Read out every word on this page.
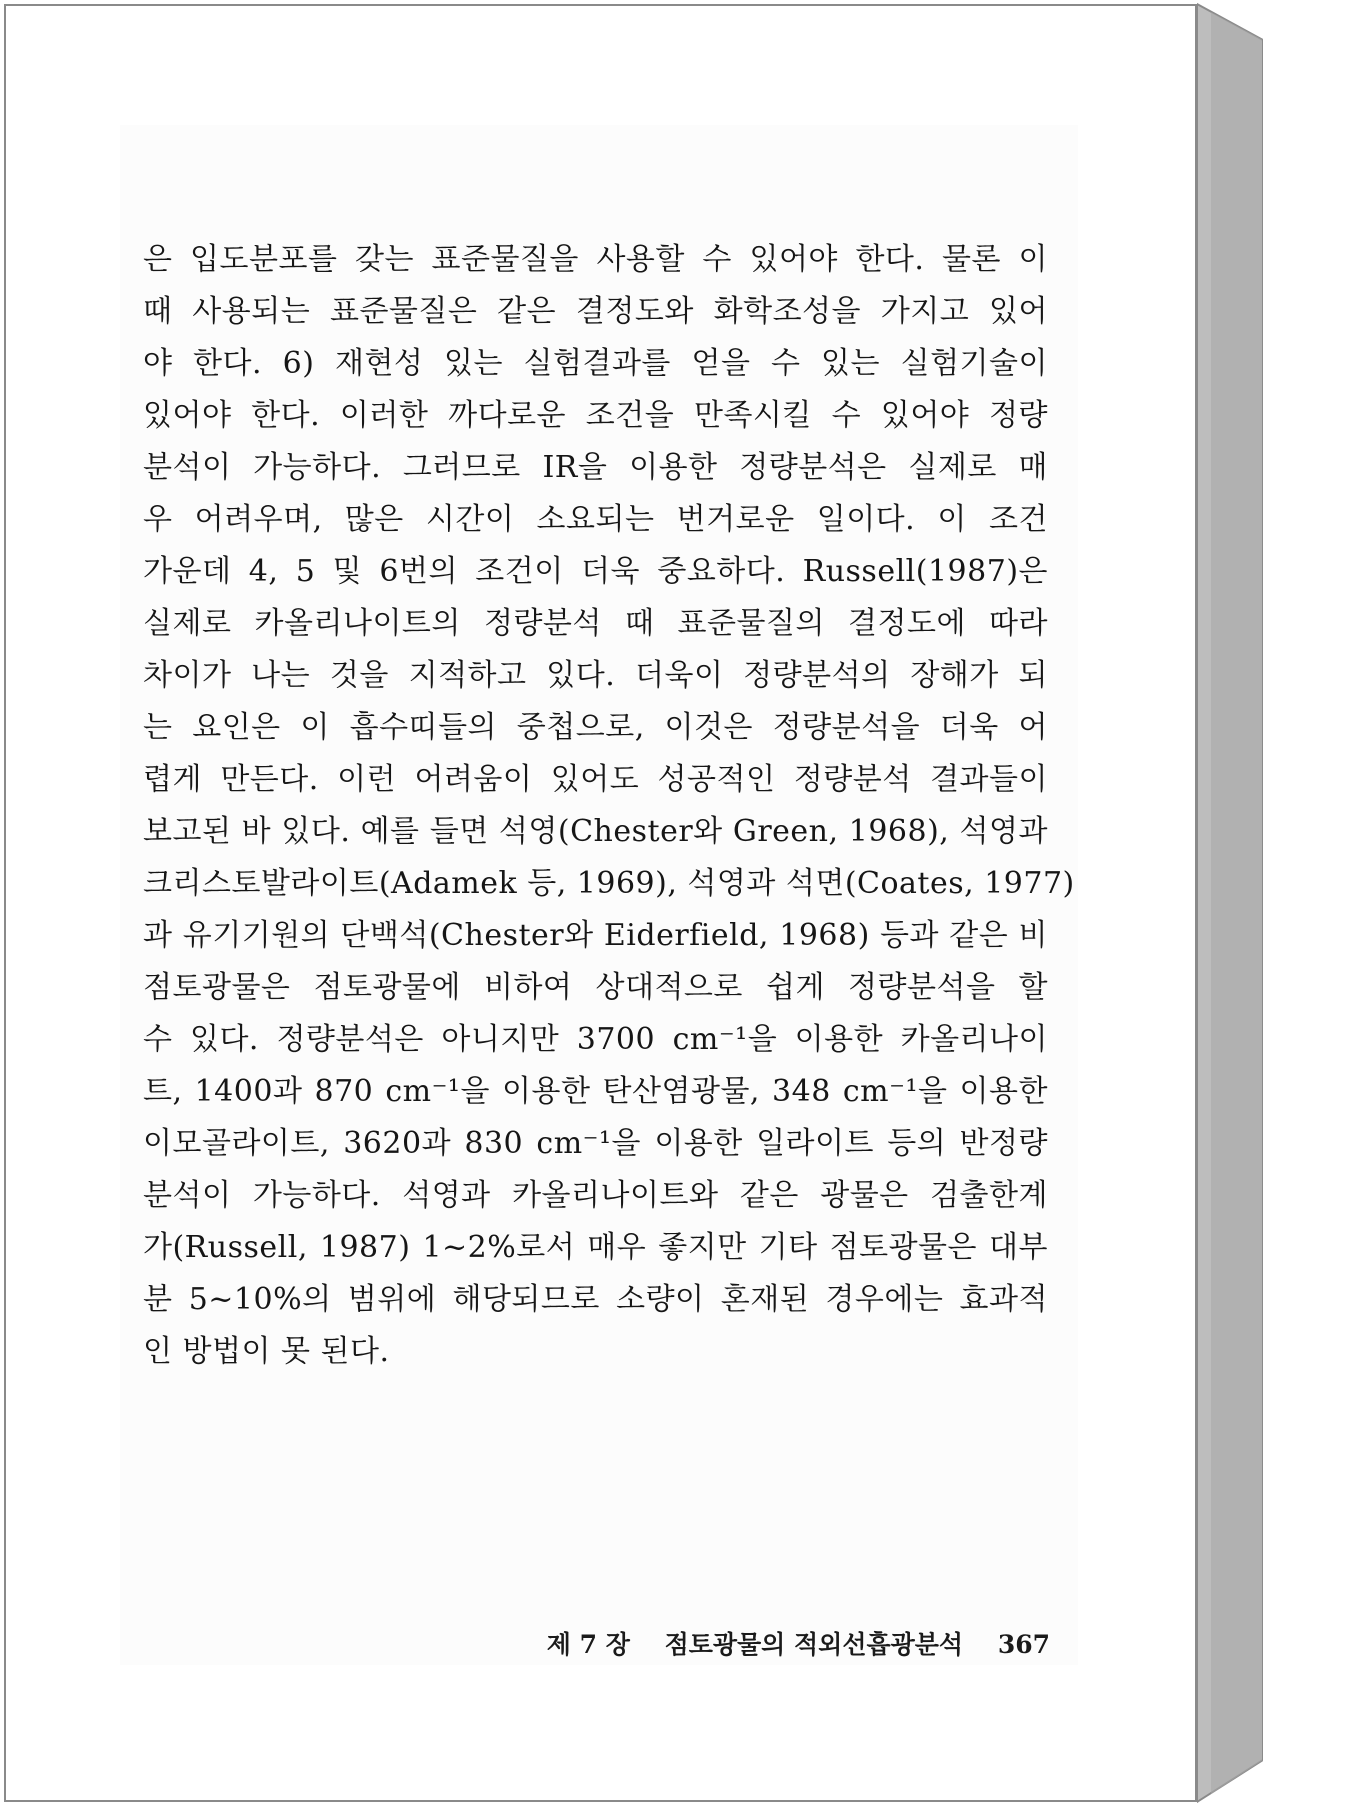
은 입도분포를 갖는 표준물질을 사용할 수 있어야 한다. 물론 이
때 사용되는 표준물질은 같은 결정도와 화학조성을 가지고 있어
야 한다. 6) 재현성 있는 실험결과를 얻을 수 있는 실험기술이
있어야 한다. 이러한 까다로운 조건을 만족시킬 수 있어야 정량
분석이 가능하다. 그러므로 IR을 이용한 정량분석은 실제로 매
우 어려우며, 많은 시간이 소요되는 번거로운 일이다. 이 조건
가운데 4, 5 및 6번의 조건이 더욱 중요하다. Russell(1987)은
실제로 카올리나이트의 정량분석 때 표준물질의 결정도에 따라
차이가 나는 것을 지적하고 있다. 더욱이 정량분석의 장해가 되
는 요인은 이 흡수띠들의 중첩으로, 이것은 정량분석을 더욱 어
렵게 만든다. 이런 어려움이 있어도 성공적인 정량분석 결과들이
보고된 바 있다. 예를 들면 석영(Chester와 Green, 1968), 석영과
크리스토발라이트(Adamek 등, 1969), 석영과 석면(Coates, 1977)
과 유기기원의 단백석(Chester와 Eiderfield, 1968) 등과 같은 비
점토광물은 점토광물에 비하여 상대적으로 쉽게 정량분석을 할
수 있다. 정량분석은 아니지만 3700 cm⁻¹을 이용한 카올리나이
트, 1400과 870 cm⁻¹을 이용한 탄산염광물, 348 cm⁻¹을 이용한
이모골라이트, 3620과 830 cm⁻¹을 이용한 일라이트 등의 반정량
분석이 가능하다. 석영과 카올리나이트와 같은 광물은 검출한계
가(Russell, 1987) 1~2%로서 매우 좋지만 기타 점토광물은 대부
분 5~10%의 범위에 해당되므로 소량이 혼재된 경우에는 효과적
인 방법이 못 된다.
제 7 장 점토광물의 적외선흡광분석 367
